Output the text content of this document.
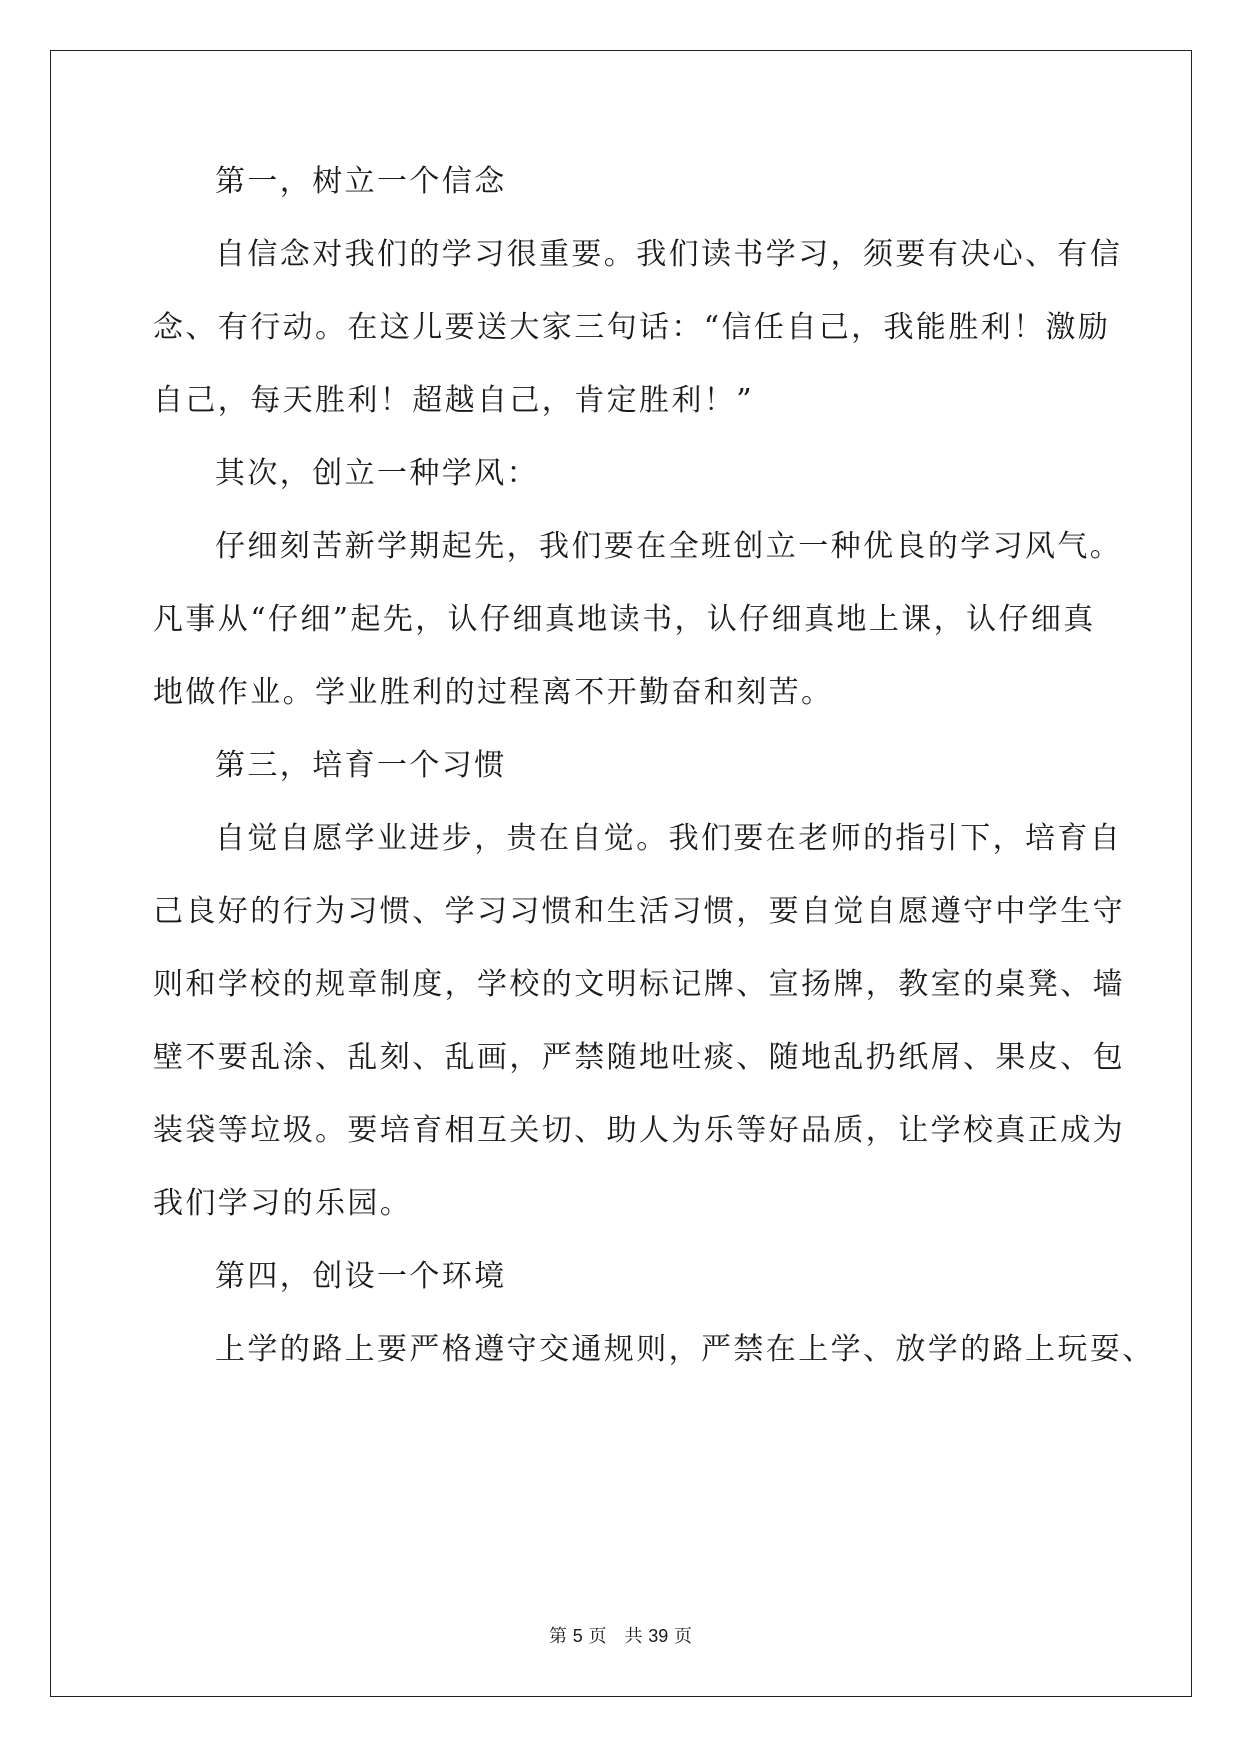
第一，树立一个信念
自信念对我们的学习很重要。我们读书学习，须要有决心、有信
念、有行动。在这儿要送大家三句话：“信任自己，我能胜利！激励
自己，每天胜利！超越自己，肯定胜利！”
其次，创立一种学风：
仔细刻苦新学期起先，我们要在全班创立一种优良的学习风气。
凡事从“仔细”起先，认仔细真地读书，认仔细真地上课，认仔细真
地做作业。学业胜利的过程离不开勤奋和刻苦。
第三，培育一个习惯
自觉自愿学业进步，贵在自觉。我们要在老师的指引下，培育自
己良好的行为习惯、学习习惯和生活习惯，要自觉自愿遵守中学生守
则和学校的规章制度，学校的文明标记牌、宣扬牌，教室的桌凳、墙
壁不要乱涂、乱刻、乱画，严禁随地吐痰、随地乱扔纸屑、果皮、包
装袋等垃圾。要培育相互关切、助人为乐等好品质，让学校真正成为
我们学习的乐园。
第四，创设一个环境
上学的路上要严格遵守交通规则，严禁在上学、放学的路上玩耍、
第 5 页　共 39 页
